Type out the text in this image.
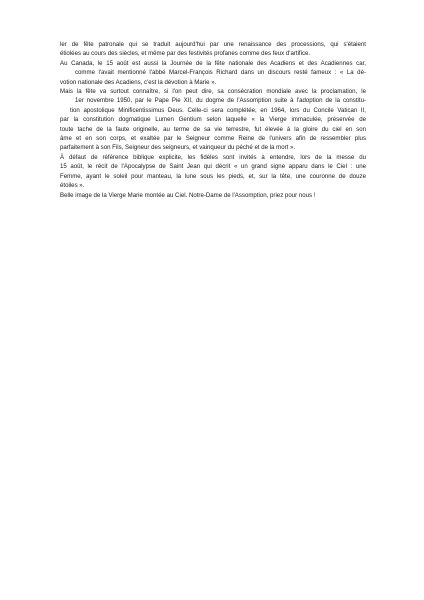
ler de fête patronale qui se traduit aujourd'hui par une renaissance des processions, qui s'étaient
étiolées au cours des siècles, et même par des festivités profanes comme des feux d'artifice.
Au Canada, le 15 août est aussi la Journée de la fête nationale des Acadiens et des Acadiennes car,
comme l'avait mentionné l'abbé Marcel-François Richard dans un discours resté fameux : « La dé-
votion nationale des Acadiens, c'est la dévotion à Marie ».
Mais la fête va surtout connaître, si l'on peut dire, sa consécration mondiale avec la proclamation, le
1er novembre 1950, par le Pape Pie XII, du dogme de l'Assomption suite à l'adoption de la constitu-
tion apostolique Minificentissimus Deus. Celle-ci sera complétée, en 1964, lors du Concile Vatican II,
par la constitution dogmatique Lumen Gentium selon laquelle « la Vierge immaculée, préservée de
toute tache de la faute originelle, au terme de sa vie terrestre, fut élevée à la gloire du ciel en son
âme et en son corps, et exaltée par le Seigneur comme Reine de l'univers afin de ressembler plus
parfaitement à son Fils, Seigneur des seigneurs, et vainqueur du péché et de la mort ».
À défaut de référence biblique explicite, les fidèles sont invités à entendre, lors de la messe du
15 août, le récit de l'Apocalypse de Saint Jean qui décrit « un grand signe apparu dans le Ciel : une
Femme, ayant le soleil pour manteau, la lune sous les pieds, et, sur la tête, une couronne de douze
étoiles ».
Belle image de la Vierge Marie montée au Ciel. Notre-Dame de l'Assomption, priez pour nous !
